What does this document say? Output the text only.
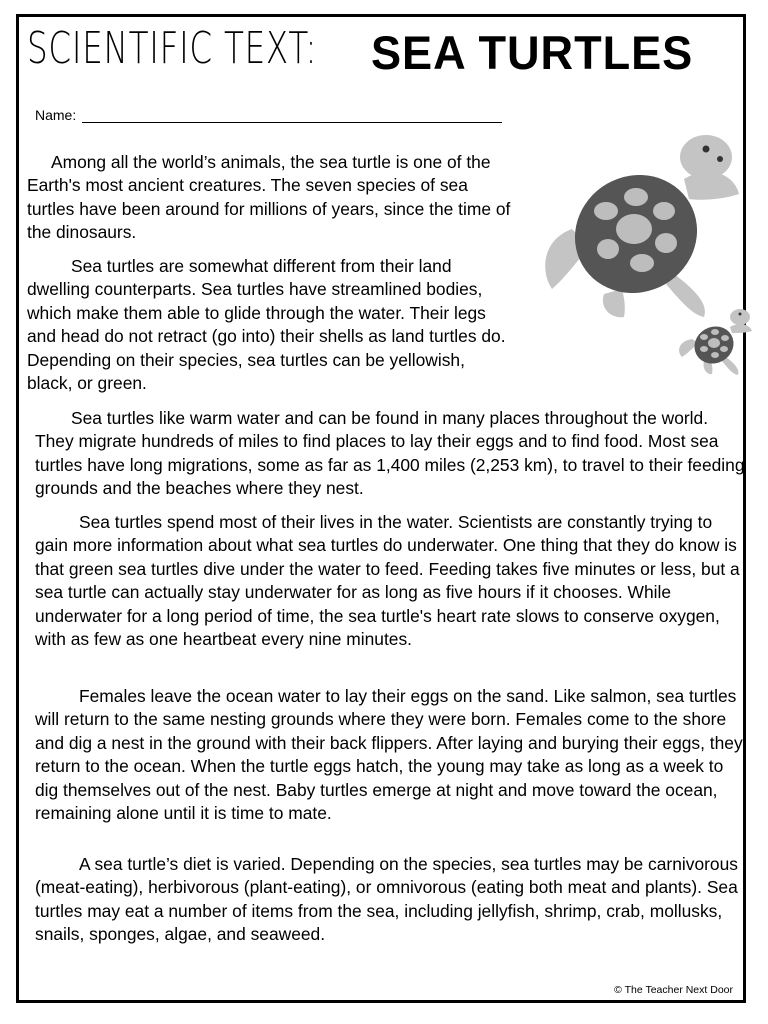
SCIENTIFIC TEXT: SEA TURTLES
Name:

Among all the world’s animals, the sea turtle is one of the Earth's most ancient creatures. The seven species of sea turtles have been around for millions of years, since the time of the dinosaurs.

Sea turtles are somewhat different from their land dwelling counterparts. Sea turtles have streamlined bodies, which make them able to glide through the water. Their legs and head do not retract (go into) their shells as land turtles do. Depending on their species, sea turtles can be yellowish, black, or green.

Sea turtles like warm water and can be found in many places throughout the world. They migrate hundreds of miles to find places to lay their eggs and to find food. Most sea turtles have long migrations, some as far as 1,400 miles (2,253 km), to travel to their feeding grounds and the beaches where they nest.

Sea turtles spend most of their lives in the water. Scientists are constantly trying to gain more information about what sea turtles do underwater. One thing that they do know is that green sea turtles dive under the water to feed. Feeding takes five minutes or less, but a sea turtle can actually stay underwater for as long as five hours if it chooses. While underwater for a long period of time, the sea turtle's heart rate slows to conserve oxygen, with as few as one heartbeat every nine minutes.

Females leave the ocean water to lay their eggs on the sand. Like salmon, sea turtles will return to the same nesting grounds where they were born. Females come to the shore and dig a nest in the ground with their back flippers. After laying and burying their eggs, they return to the ocean. When the turtle eggs hatch, the young may take as long as a week to dig themselves out of the nest. Baby turtles emerge at night and move toward the ocean, remaining alone until it is time to mate.

A sea turtle’s diet is varied. Depending on the species, sea turtles may be carnivorous (meat-eating), herbivorous (plant-eating), or omnivorous (eating both meat and plants). Sea turtles may eat a number of items from the sea, including jellyfish, shrimp, crab, mollusks, snails, sponges, algae, and seaweed.

© The Teacher Next Door
